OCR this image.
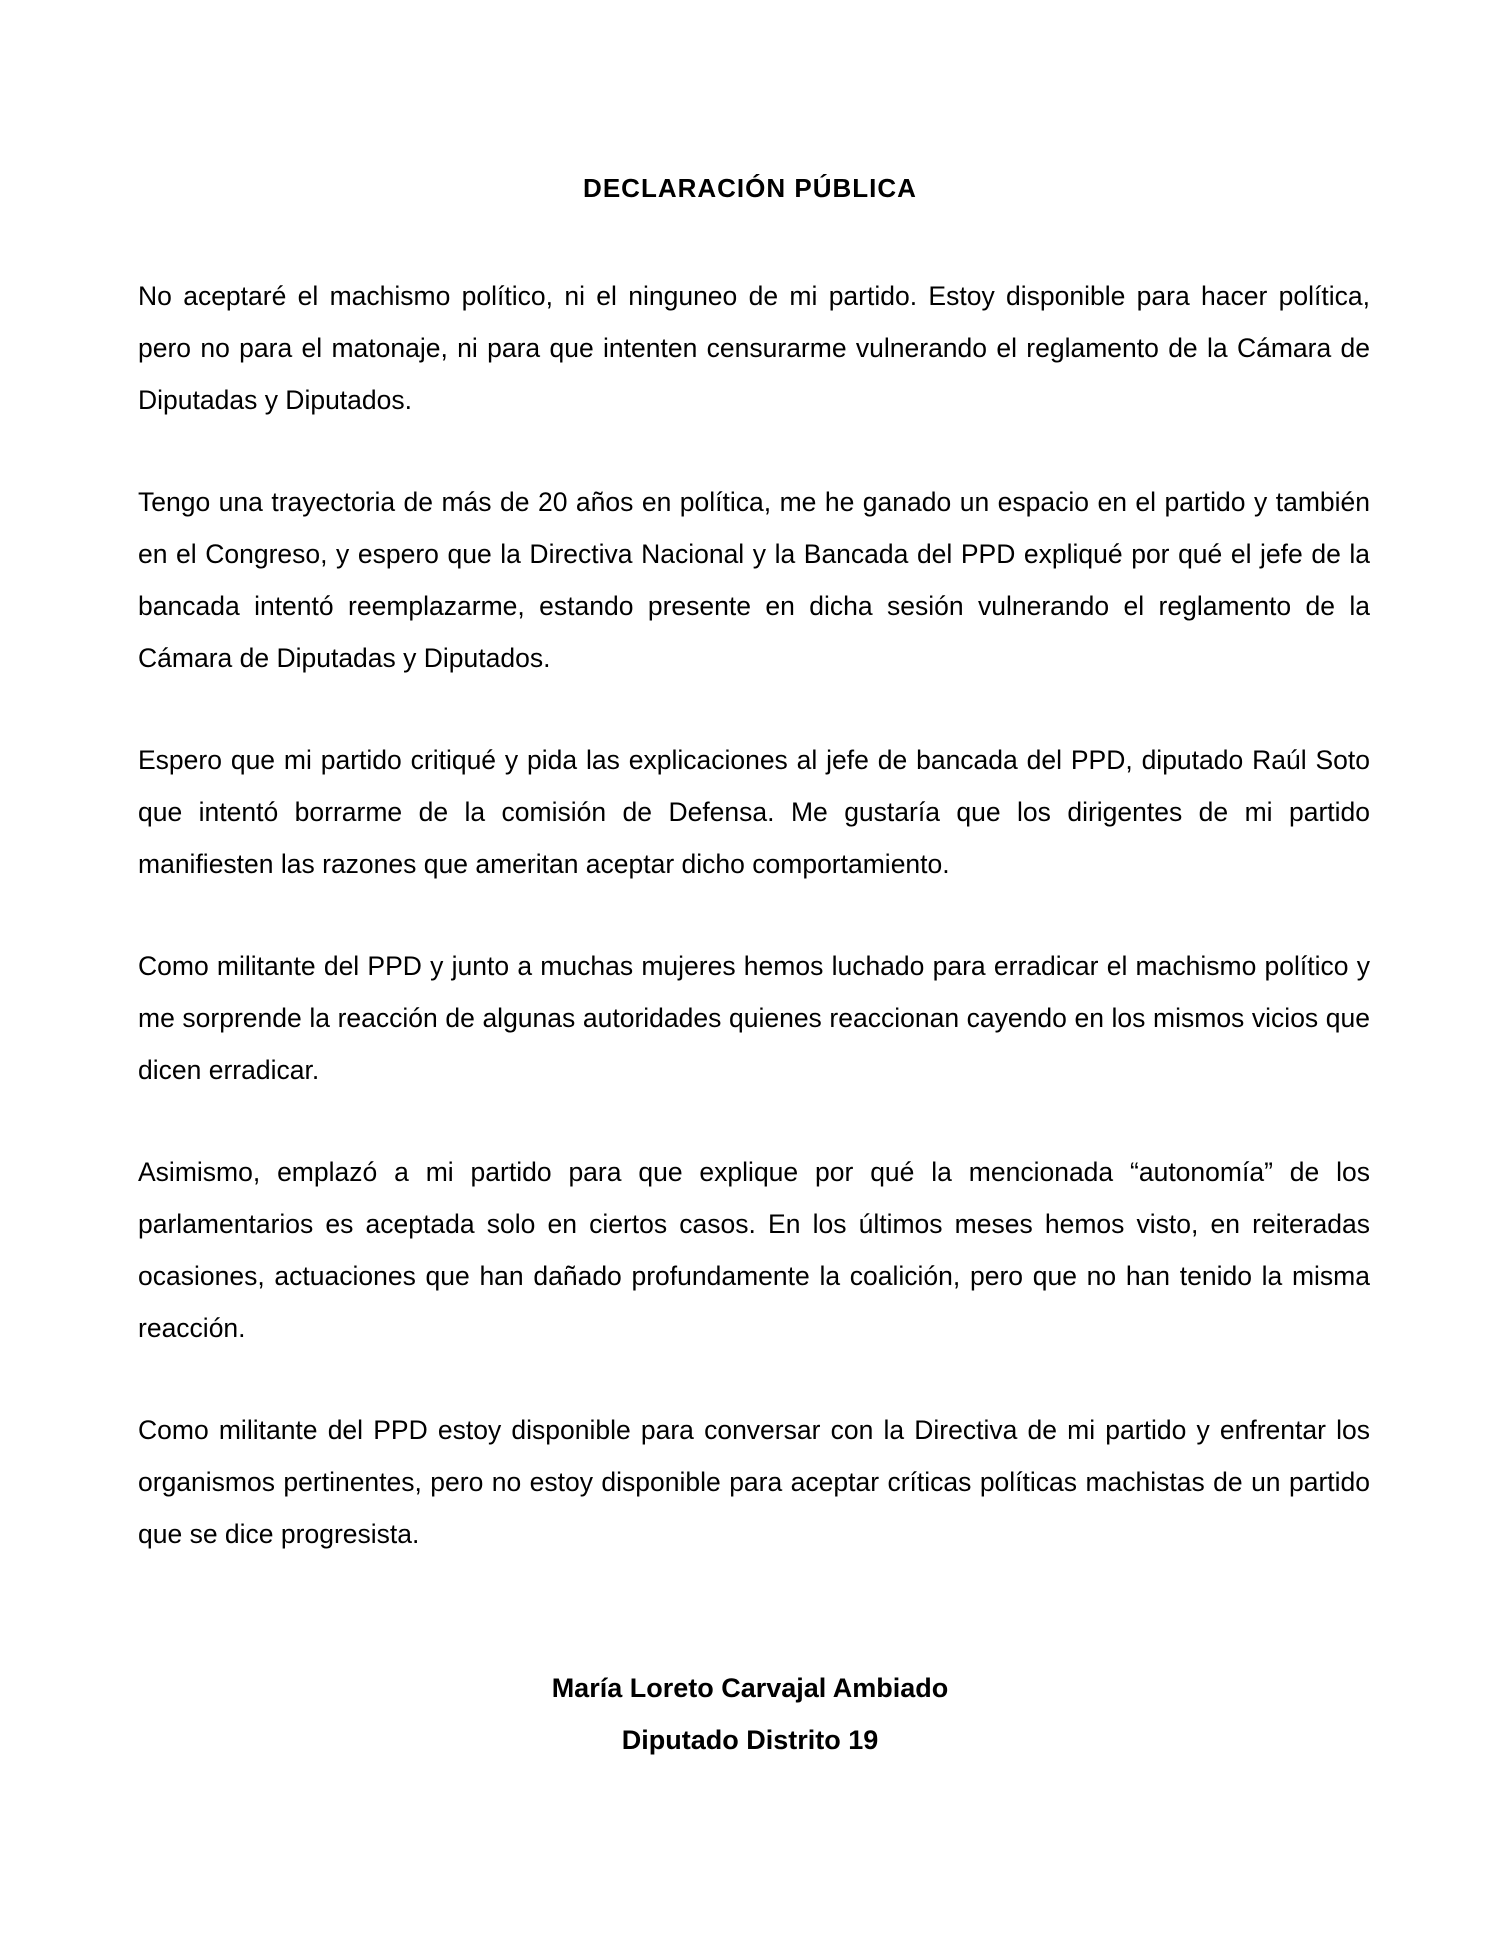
DECLARACIÓN PÚBLICA

No aceptaré el machismo político, ni el ninguneo de mi partido. Estoy disponible para hacer política, pero no para el matonaje, ni para que intenten censurarme vulnerando el reglamento de la Cámara de Diputadas y Diputados.

Tengo una trayectoria de más de 20 años en política, me he ganado un espacio en el partido y también en el Congreso, y espero que la Directiva Nacional y la Bancada del PPD expliqué por qué el jefe de la bancada intentó reemplazarme, estando presente en dicha sesión vulnerando el reglamento de la Cámara de Diputadas y Diputados.

Espero que mi partido critiqué y pida las explicaciones al jefe de bancada del PPD, diputado Raúl Soto que intentó borrarme de la comisión de Defensa. Me gustaría que los dirigentes de mi partido manifiesten las razones que ameritan aceptar dicho comportamiento.

Como militante del PPD y junto a muchas mujeres hemos luchado para erradicar el machismo político y me sorprende la reacción de algunas autoridades quienes reaccionan cayendo en los mismos vicios que dicen erradicar.

Asimismo, emplazó a mi partido para que explique por qué la mencionada “autonomía” de los parlamentarios es aceptada solo en ciertos casos. En los últimos meses hemos visto, en reiteradas ocasiones, actuaciones que han dañado profundamente la coalición, pero que no han tenido la misma reacción.

Como militante del PPD estoy disponible para conversar con la Directiva de mi partido y enfrentar los organismos pertinentes, pero no estoy disponible para aceptar críticas políticas machistas de un partido que se dice progresista.

María Loreto Carvajal Ambiado
Diputado Distrito 19
